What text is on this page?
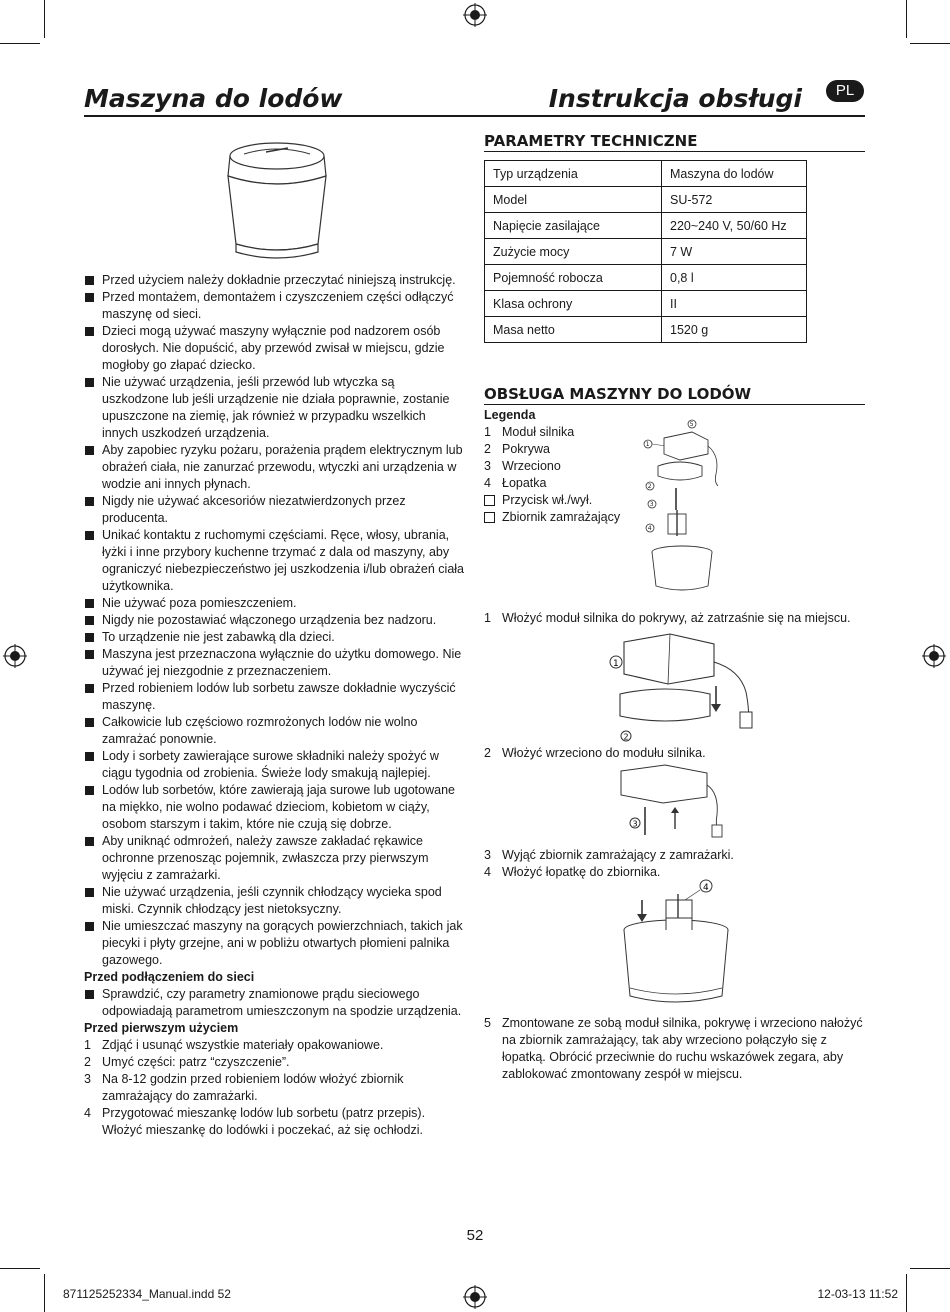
Maszyna do lodów	Instrukcja obsługi	PL
Przed użyciem należy dokładnie przeczytać niniejszą instrukcję.
Przed montażem, demontażem i czyszczeniem części odłączyć maszynę od sieci.
Dzieci mogą używać maszyny wyłącznie pod nadzorem osób dorosłych. Nie dopuścić, aby przewód zwisał w miejscu, gdzie mogłoby go złapać dziecko.
Nie używać urządzenia, jeśli przewód lub wtyczka są uszkodzone lub jeśli urządzenie nie działa poprawnie, zostanie upuszczone na ziemię, jak również w przypadku wszelkich innych uszkodzeń urządzenia.
Aby zapobiec ryzyku pożaru, porażenia prądem elektrycznym lub obrażeń ciała, nie zanurzać przewodu, wtyczki ani urządzenia w wodzie ani innych płynach.
Nigdy nie używać akcesoriów niezatwierdzonych przez producenta.
Unikać kontaktu z ruchomymi częściami. Ręce, włosy, ubrania, łyżki i inne przybory kuchenne trzymać z dala od maszyny, aby ograniczyć niebezpieczeństwo jej uszkodzenia i/lub obrażeń ciała użytkownika.
Nie używać poza pomieszczeniem.
Nigdy nie pozostawiać włączonego urządzenia bez nadzoru.
To urządzenie nie jest zabawką dla dzieci.
Maszyna jest przeznaczona wyłącznie do użytku domowego. Nie używać jej niezgodnie z przeznaczeniem.
Przed robieniem lodów lub sorbetu zawsze dokładnie wyczyścić maszynę.
Całkowicie lub częściowo rozmrożonych lodów nie wolno zamrażać ponownie.
Lody i sorbety zawierające surowe składniki należy spożyć w ciągu tygodnia od zrobienia. Świeże lody smakują najlepiej.
Lodów lub sorbetów, które zawierają jaja surowe lub ugotowane na miękko, nie wolno podawać dzieciom, kobietom w ciąży, osobom starszym i takim, które nie czują się dobrze.
Aby uniknąć odmrożeń, należy zawsze zakładać rękawice ochronne przenosząc pojemnik, zwłaszcza przy pierwszym wyjęciu z zamrażarki.
Nie używać urządzenia, jeśli czynnik chłodzący wycieka spod miski. Czynnik chłodzący jest nietoksyczny.
Nie umieszczać maszyny na gorących powierzchniach, takich jak piecyki i płyty grzejne, ani w pobliżu otwartych płomieni palnika gazowego.
Przed podłączeniem do sieci
Sprawdzić, czy parametry znamionowe prądu sieciowego odpowiadają parametrom umieszczonym na spodzie urządzenia.
Przed pierwszym użyciem
1 Zdjąć i usunąć wszystkie materiały opakowaniowe.
2 Umyć części: patrz “czyszczenie”.
3 Na 8-12 godzin przed robieniem lodów włożyć zbiornik zamrażający do zamrażarki.
4 Przygotować mieszankę lodów lub sorbetu (patrz przepis). Włożyć mieszankę do lodówki i poczekać, aż się ochłodzi.
PARAMETRY TECHNICZNE
Typ urządzenia	Maszyna do lodów
Model	SU-572
Napięcie zasilające	220~240 V, 50/60 Hz
Zużycie mocy	7 W
Pojemność robocza	0,8 l
Klasa ochrony	II
Masa netto	1520 g
OBSŁUGA MASZYNY DO LODÓW
Legenda
1 Moduł silnika
2 Pokrywa
3 Wrzeciono
4 Łopatka
Przycisk wł./wył.
Zbiornik zamrażający
1
5
2
3
4
1 Włożyć moduł silnika do pokrywy, aż zatrzaśnie się na miejscu.
1
2
2 Włożyć wrzeciono do modułu silnika.
3
3 Wyjąć zbiornik zamrażający z zamrażarki.
4 Włożyć łopatkę do zbiornika.
4
5 Zmontowane ze sobą moduł silnika, pokrywę i wrzeciono nałożyć na zbiornik zamrażający, tak aby wrzeciono połączyło się z łopatką. Obrócić przeciwnie do ruchu wskazówek zegara, aby zablokować zmontowany zespół w miejscu.
52
871125252334_Manual.indd 52	12-03-13 11:52
